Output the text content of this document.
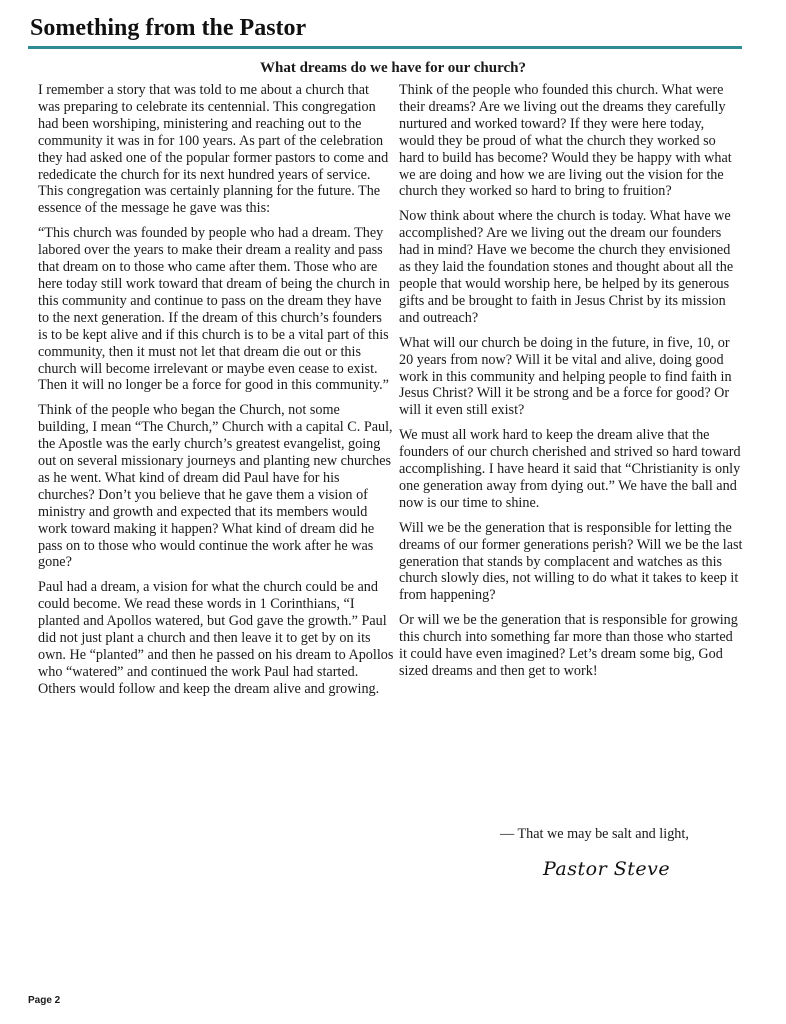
Something from the Pastor
What dreams do we have for our church?

I remember a story that was told to me about a church that was preparing to celebrate its centennial. This congregation had been worshiping, ministering and reaching out to the community it was in for 100 years. As part of the celebration they had asked one of the popular former pastors to come and rededicate the church for its next hundred years of service. This congregation was certainly planning for the future. The essence of the message he gave was this:

“This church was founded by people who had a dream. They labored over the years to make their dream a reality and pass that dream on to those who came after them. Those who are here today still work toward that dream of being the church in this community and continue to pass on the dream they have to the next generation. If the dream of this church’s founders is to be kept alive and if this church is to be a vital part of this community, then it must not let that dream die out or this church will become irrelevant or maybe even cease to exist. Then it will no longer be a force for good in this community.”

Think of the people who began the Church, not some building, I mean “The Church,” Church with a capital C. Paul, the Apostle was the early church’s greatest evangelist, going out on several missionary journeys and planting new churches as he went. What kind of dream did Paul have for his churches? Don’t you believe that he gave them a vision of ministry and growth and expected that its members would work toward making it happen? What kind of dream did he pass on to those who would continue the work after he was gone?

Paul had a dream, a vision for what the church could be and could become. We read these words in 1 Corinthians, “I planted and Apollos watered, but God gave the growth.” Paul did not just plant a church and then leave it to get by on its own. He “planted” and then he passed on his dream to Apollos who “watered” and continued the work Paul had started. Others would follow and keep the dream alive and growing.

Think of the people who founded this church. What were their dreams? Are we living out the dreams they carefully nurtured and worked toward? If they were here today, would they be proud of what the church they worked so hard to build has become? Would they be happy with what we are doing and how we are living out the vision for the church they worked so hard to bring to fruition?

Now think about where the church is today. What have we accomplished? Are we living out the dream our founders had in mind? Have we become the church they envisioned as they laid the foundation stones and thought about all the people that would worship here, be helped by its generous gifts and be brought to faith in Jesus Christ by its mission and outreach?

What will our church be doing in the future, in five, 10, or 20 years from now? Will it be vital and alive, doing good work in this community and helping people to find faith in Jesus Christ? Will it be strong and be a force for good? Or will it even still exist?

We must all work hard to keep the dream alive that the founders of our church cherished and strived so hard toward accomplishing. I have heard it said that “Christianity is only one generation away from dying out.” We have the ball and now is our time to shine.

Will we be the generation that is responsible for letting the dreams of our former generations perish? Will we be the last generation that stands by complacent and watches as this church slowly dies, not willing to do what it takes to keep it from happening?

Or will we be the generation that is responsible for growing this church into something far more than those who started it could have even imagined? Let’s dream some big, God sized dreams and then get to work!

— That we may be salt and light,

Pastor Steve

Page 2
